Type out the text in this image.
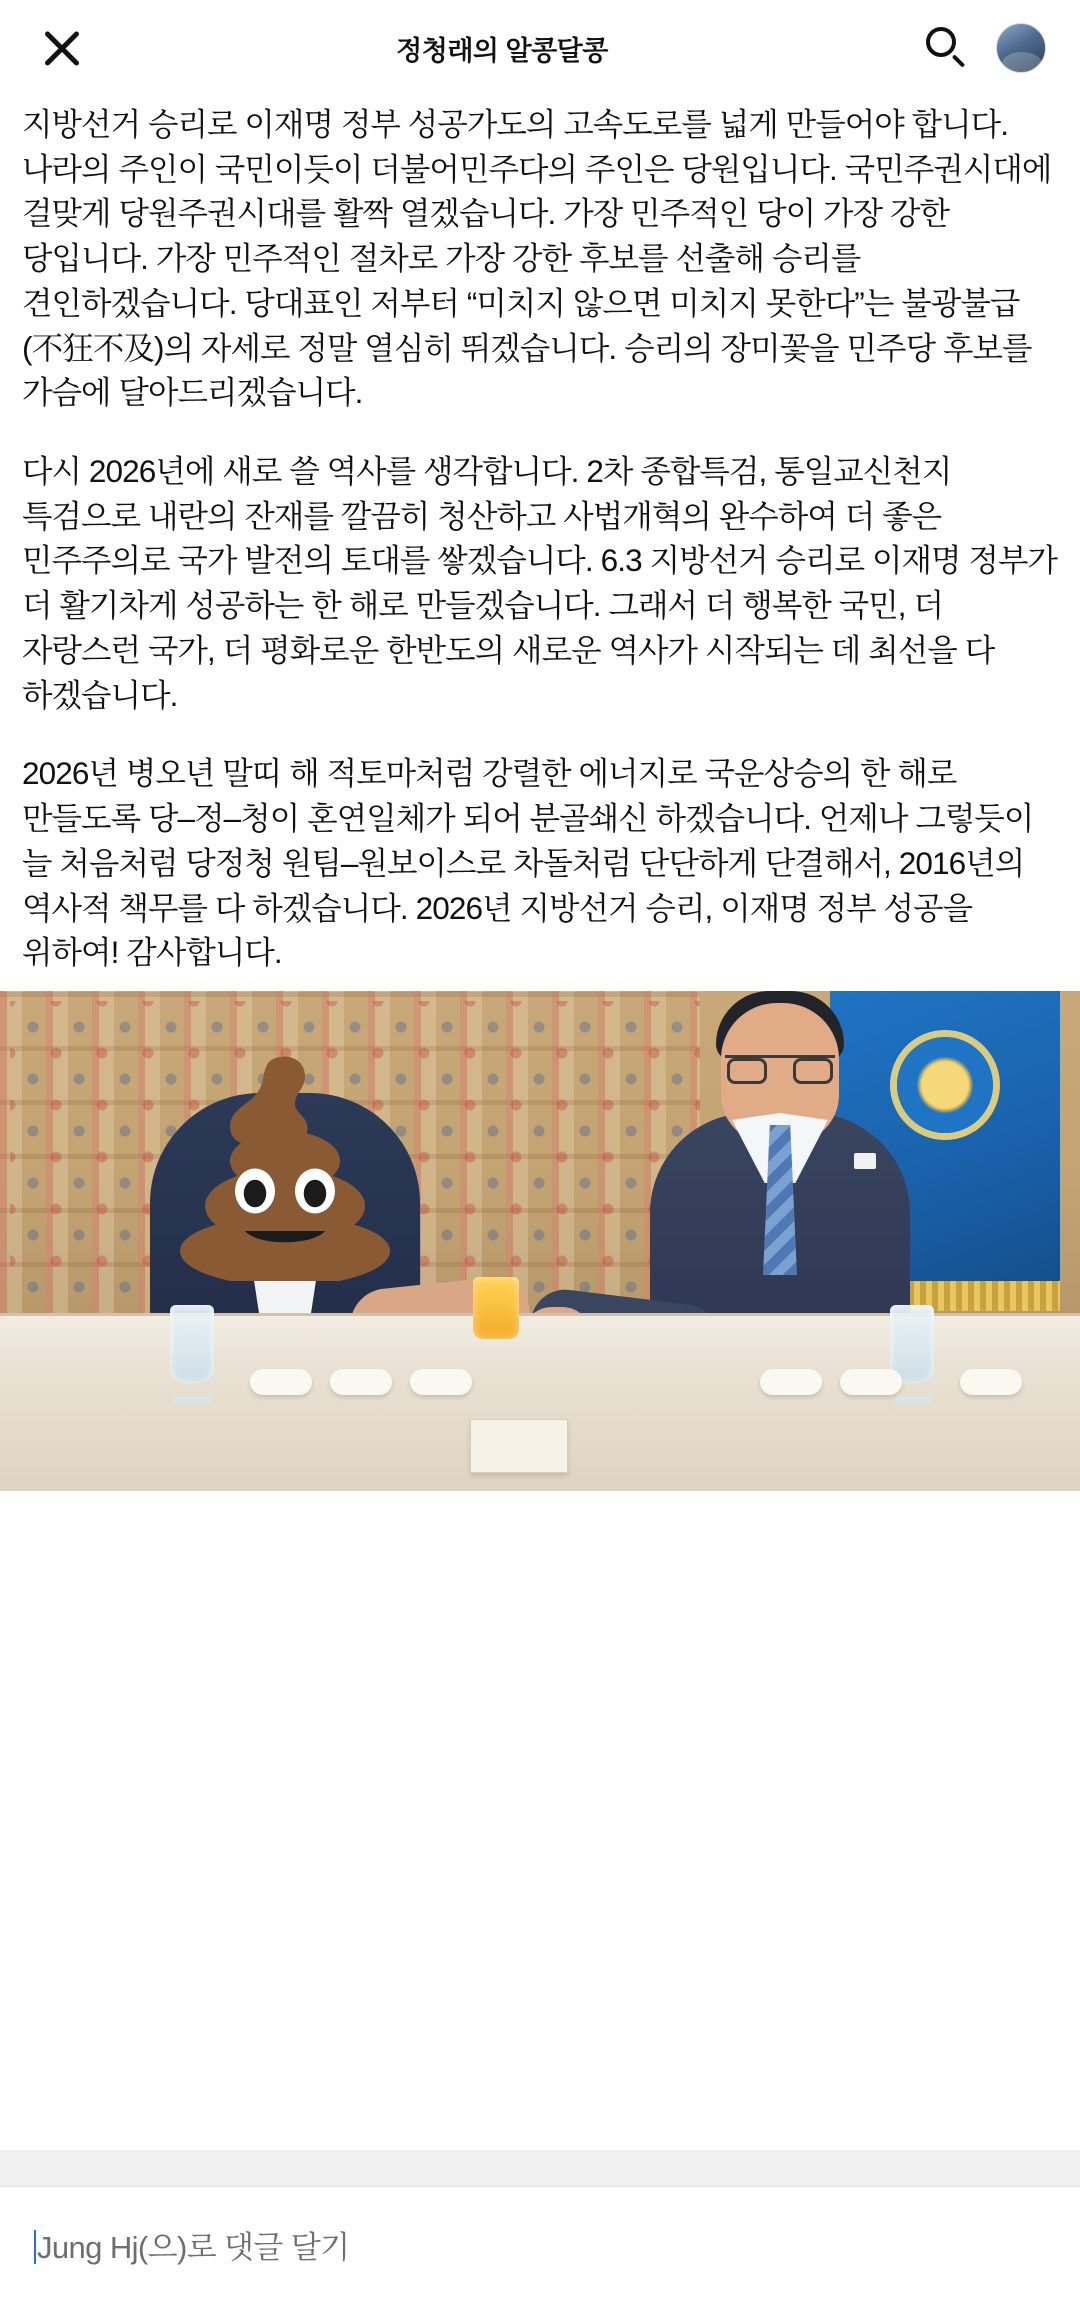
정청래의 알콩달콩

지방선거 승리로 이재명 정부 성공가도의 고속도로를 넓게 만들어야 합니다. 나라의 주인이 국민이듯이 더불어민주다의 주인은 당원입니다. 국민주권시대에 걸맞게 당원주권시대를 활짝 열겠습니다. 가장 민주적인 당이 가장 강한 당입니다. 가장 민주적인 절차로 가장 강한 후보를 선출해 승리를 견인하겠습니다. 당대표인 저부터 “미치지 않으면 미치지 못한다”는 불광불급(不狂不及)의 자세로 정말 열심히 뛰겠습니다. 승리의 장미꽃을 민주당 후보를 가슴에 달아드리겠습니다.

다시 2026년에 새로 쓸 역사를 생각합니다. 2차 종합특검, 통일교신천지 특검으로 내란의 잔재를 깔끔히 청산하고 사법개혁의 완수하여 더 좋은 민주주의로 국가 발전의 토대를 쌓겠습니다. 6.3 지방선거 승리로 이재명 정부가 더 활기차게 성공하는 한 해로 만들겠습니다. 그래서 더 행복한 국민, 더 자랑스런 국가, 더 평화로운 한반도의 새로운 역사가 시작되는 데 최선을 다 하겠습니다.

2026년 병오년 말띠 해 적토마처럼 강렬한 에너지로 국운상승의 한 해로 만들도록 당–정–청이 혼연일체가 되어 분골쇄신 하겠습니다. 언제나 그렇듯이 늘 처음처럼 당정청 원팀–원보이스로 차돌처럼 단단하게 단결해서, 2016년의 역사적 책무를 다 하겠습니다. 2026년 지방선거 승리, 이재명 정부 성공을 위하여! 감사합니다.

Jung Hj(으)로 댓글 달기
